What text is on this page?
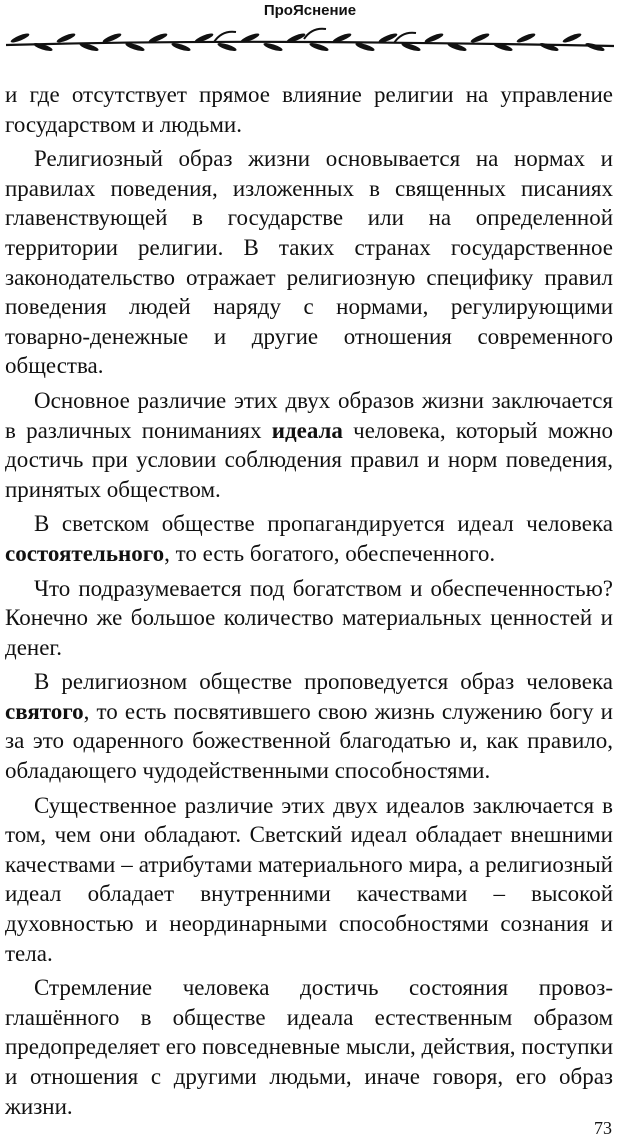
ПроЯснение

и где отсутствует прямое влияние религии на управление государством и людьми.

Религиозный образ жизни основывается на нормах и правилах поведения, изложенных в священных писаниях главенствующей в государстве или на определенной территории религии. В таких странах государственное законодательство отражает религиозную специфику правил поведения людей наряду с нормами, регулирующими товарно-денежные и другие отношения современного общества.

Основное различие этих двух образов жизни заключается в различных пониманиях идеала человека, который можно достичь при условии соблюдения правил и норм поведения, принятых обществом.

В светском обществе пропагандируется идеал человека состоятельного, то есть богатого, обеспеченного.

Что подразумевается под богатством и обеспеченностью? Конечно же большое количество материальных ценностей и денег.

В религиозном обществе проповедуется образ человека святого, то есть посвятившего свою жизнь служению богу и за это одаренного божественной благодатью и, как правило, обладающего чудодейственными способностями.

Существенное различие этих двух идеалов заключается в том, чем они обладают. Светский идеал обладает внешними качествами – атрибутами материального мира, а религиозный идеал обладает внутренними качествами – высокой духовностью и неординарными способностями сознания и тела.

Стремление человека достичь состояния провозглашённого в обществе идеала естественным образом предопределяет его повседневные мысли, действия, поступки и отношения с другими людьми, иначе говоря, его образ жизни.

73
